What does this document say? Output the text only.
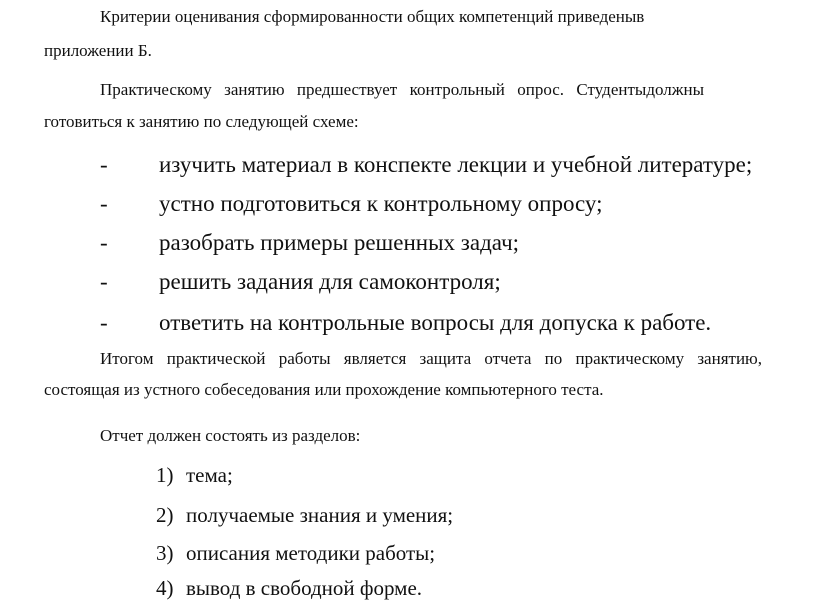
Критерии оценивания сформированности общих компетенций приведеныв
приложении Б.
Практическому занятию предшествует контрольный опрос. Студентыдолжны
готовиться к занятию по следующей схеме:
- изучить материал в конспекте лекции и учебной литературе;
- устно подготовиться к контрольному опросу;
- разобрать примеры решенных задач;
- решить задания для самоконтроля;
- ответить на контрольные вопросы для допуска к работе.
Итогом практической работы является защита отчета по практическому занятию,
состоящая из устного собеседования или прохождение компьютерного теста.
Отчет должен состоять из разделов:
1) тема;
2) получаемые знания и умения;
3) описания методики работы;
4) вывод в свободной форме.
